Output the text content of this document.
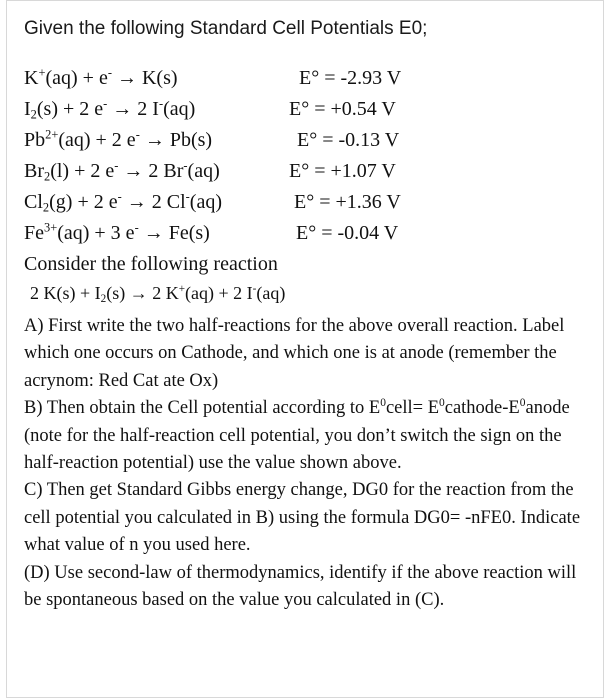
Given the following Standard Cell Potentials E0;
K+(aq) + e- → K(s)	E° = -2.93 V
$I_2(s) + 2$ e- → 2 I-(aq)	E° = +0.54 V
$Pb^{2+}(aq) + 2$ e- → Pb(s)	E° = -0.13 V
$Br_2(l) + 2$ e- → 2 Br-(aq)	E° = +1.07 V
$Cl_2(g) + 2$ e- → 2 Cl-(aq)	E° = +1.36 V
$Fe^{3+}(aq) + 3$ e- → Fe(s)	E° = -0.04 V
Consider the following reaction
2 $K(s) + I_2(s) \to 2$ K+(aq) + 2 I-(aq)

A) First write the two half-reactions for the above overall reaction. Label which one occurs on Cathode, and which one is at anode (remember the acrynom: Red Cat ate Ox)

B) Then obtain the Cell potential according to $E^0cell=$ $E^0cathode-E^0anode$ (note for the half-reaction cell potential, you don’t switch the sign on the half-reaction potential) use the value shown above.

C) Then get Standard Gibbs energy change, DG0 for the reaction from the cell potential you calculated in B) using the formula DG0= -nFE0. Indicate what value of n you used here.

(D) Use second-law of thermodynamics, identify if the above reaction will be spontaneous based on the value you calculated in (C).
